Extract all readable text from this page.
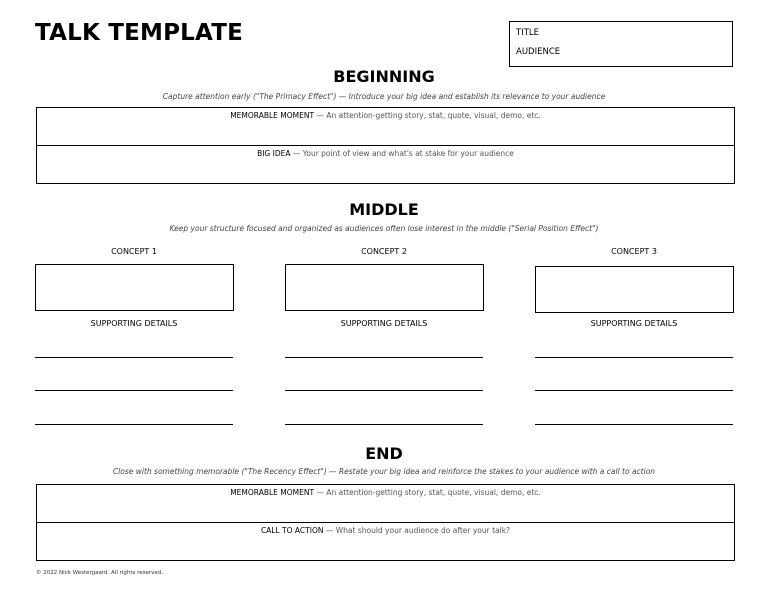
TALK TEMPLATE	TITLE
AUDIENCE
BEGINNING
Capture attention early ("The Primacy Effect") — Introduce your big idea and establish its relevance to your audience
MEMORABLE MOMENT — An attention-getting story, stat, quote, visual, demo, etc.
BIG IDEA — Your point of view and what's at stake for your audience
MIDDLE
Keep your structure focused and organized as audiences often lose interest in the middle ("Serial Position Effect")
CONCEPT 1	CONCEPT 2	CONCEPT 3
SUPPORTING DETAILS	SUPPORTING DETAILS	SUPPORTING DETAILS
END
Close with something memorable ("The Recency Effect") — Restate your big idea and reinforce the stakes to your audience with a call to action
MEMORABLE MOMENT — An attention-getting story, stat, quote, visual, demo, etc.
CALL TO ACTION — What should your audience do after your talk?
© 2022 Nick Westergaard. All rights reserved.
